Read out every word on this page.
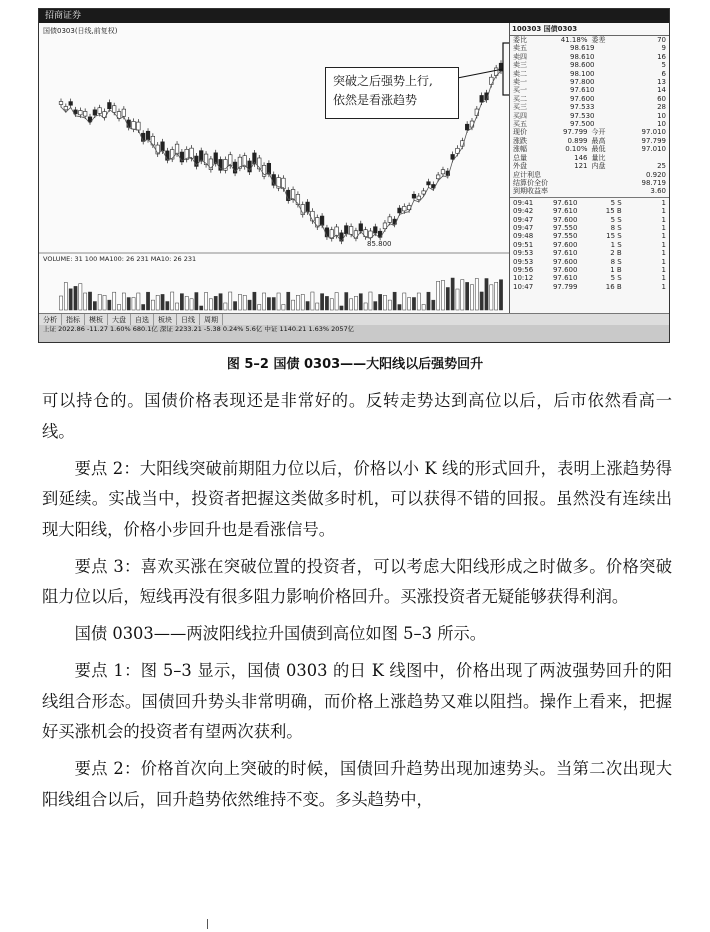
招商证券
国债0303(日线,前复权)
VOLUME: 31 100 MA100: 26 231 MA10: 26 231
85.800
100303 国债0303
委比	41.18% 委差	70
卖五	98.619	9
卖四	98.610	16
卖三	98.600	5
卖二	98.100	6
卖一	97.800	13
买一	97.610	14
买二	97.600	60
买三	97.533	28
买四	97.530	10
买五	97.500	10
现价	97.799 今开	97.010
涨跌	0.899 最高	97.799
涨幅	0.10% 最低	97.010
总量	146 量比
外盘	121 内盘	25
应计利息	0.920
结算价全价	98.719
到期收益率	3.60
09:41	97.610	5 S	1
09:42	97.610	15 B	1
09:47	97.600	5 S	1
09:47	97.550	8 S	1
09:48	97.550	15 S	1
09:51	97.600	1 S	1
09:53	97.610	2 B	1
09:53	97.600	8 S	1
09:56	97.600	1 B	1
10:12	97.610	5 S	1
10:47	97.799	16 B	1
分析	指标	模板	大盘	自选	板块	日线	周期
上证 2022.86 -11.27 1.60% 680.1亿 深证 2233.21 -5.38 0.24% 5.6亿 中证 1140.21 1.63% 2057亿
突破之后强势上行,
依然是看涨趋势
图 5–2 国债 0303——大阳线以后强势回升

可以持仓的。国债价格表现还是非常好的。反转走势达到高位以后，后市依然看高一线。

要点 2：大阳线突破前期阻力位以后，价格以小 K 线的形式回升，表明上涨趋势得到延续。实战当中，投资者把握这类做多时机，可以获得不错的回报。虽然没有连续出现大阳线，价格小步回升也是看涨信号。

要点 3：喜欢买涨在突破位置的投资者，可以考虑大阳线形成之时做多。价格突破阻力位以后，短线再没有很多阻力影响价格回升。买涨投资者无疑能够获得利润。

国债 0303——两波阳线拉升国债到高位如图 5–3 所示。

要点 1：图 5–3 显示，国债 0303 的日 K 线图中，价格出现了两波强势回升的阳线组合形态。国债回升势头非常明确，而价格上涨趋势又难以阻挡。操作上看来，把握好买涨机会的投资者有望两次获利。

要点 2：价格首次向上突破的时候，国债回升趋势出现加速势头。当第二次出现大阳线组合以后，回升趋势依然维持不变。多头趋势中，
